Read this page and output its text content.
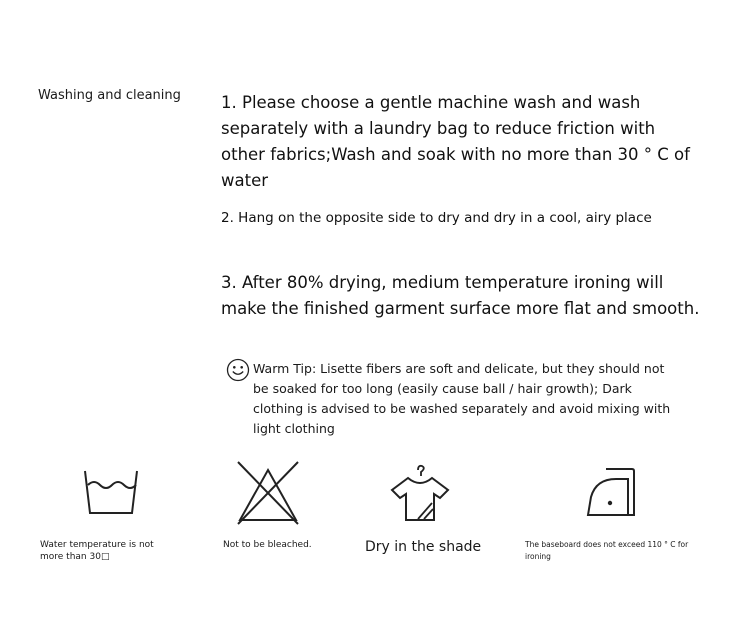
Washing and cleaning 1. Please choose a gentle machine wash and wash separately with a laundry bag to reduce friction with other fabrics;Wash and soak with no more than 30 ° C of water
2. Hang on the opposite side to dry and dry in a cool, airy place
3. After 80% drying, medium temperature ironing will make the finished garment surface more flat and smooth.
Warm Tip: Lisette fibers are soft and delicate, but they should not be soaked for too long (easily cause ball / hair growth); Dark clothing is advised to be washed separately and avoid mixing with light clothing
Water temperature is not more than 30□
Not to be bleached.	Dry in the shade	The baseboard does not exceed 110 ° C for ironing
